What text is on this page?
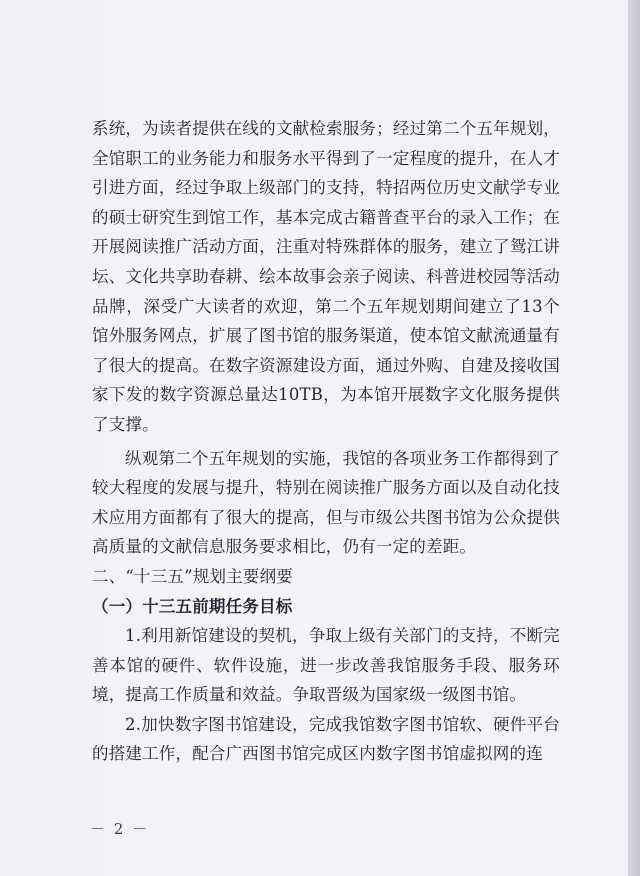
系统，为读者提供在线的文献检索服务；经过第二个五年规划，全馆职工的业务能力和服务水平得到了一定程度的提升，在人才引进方面，经过争取上级部门的支持，特招两位历史文献学专业的硕士研究生到馆工作，基本完成古籍普查平台的录入工作；在开展阅读推广活动方面，注重对特殊群体的服务，建立了鸳江讲坛、文化共享助春耕、绘本故事会亲子阅读、科普进校园等活动品牌，深受广大读者的欢迎，第二个五年规划期间建立了13个馆外服务网点，扩展了图书馆的服务渠道，使本馆文献流通量有了很大的提高。在数字资源建设方面，通过外购、自建及接收国家下发的数字资源总量达10TB，为本馆开展数字文化服务提供了支撑。

纵观第二个五年规划的实施，我馆的各项业务工作都得到了较大程度的发展与提升，特别在阅读推广服务方面以及自动化技术应用方面都有了很大的提高，但与市级公共图书馆为公众提供高质量的文献信息服务要求相比，仍有一定的差距。

二、“十三五”规划主要纲要

（一）十三五前期任务目标

1.利用新馆建设的契机，争取上级有关部门的支持，不断完善本馆的硬件、软件设施，进一步改善我馆服务手段、服务环境，提高工作质量和效益。争取晋级为国家级一级图书馆。

2.加快数字图书馆建设，完成我馆数字图书馆软、硬件平台的搭建工作，配合广西图书馆完成区内数字图书馆虚拟网的连

－ 2 －
